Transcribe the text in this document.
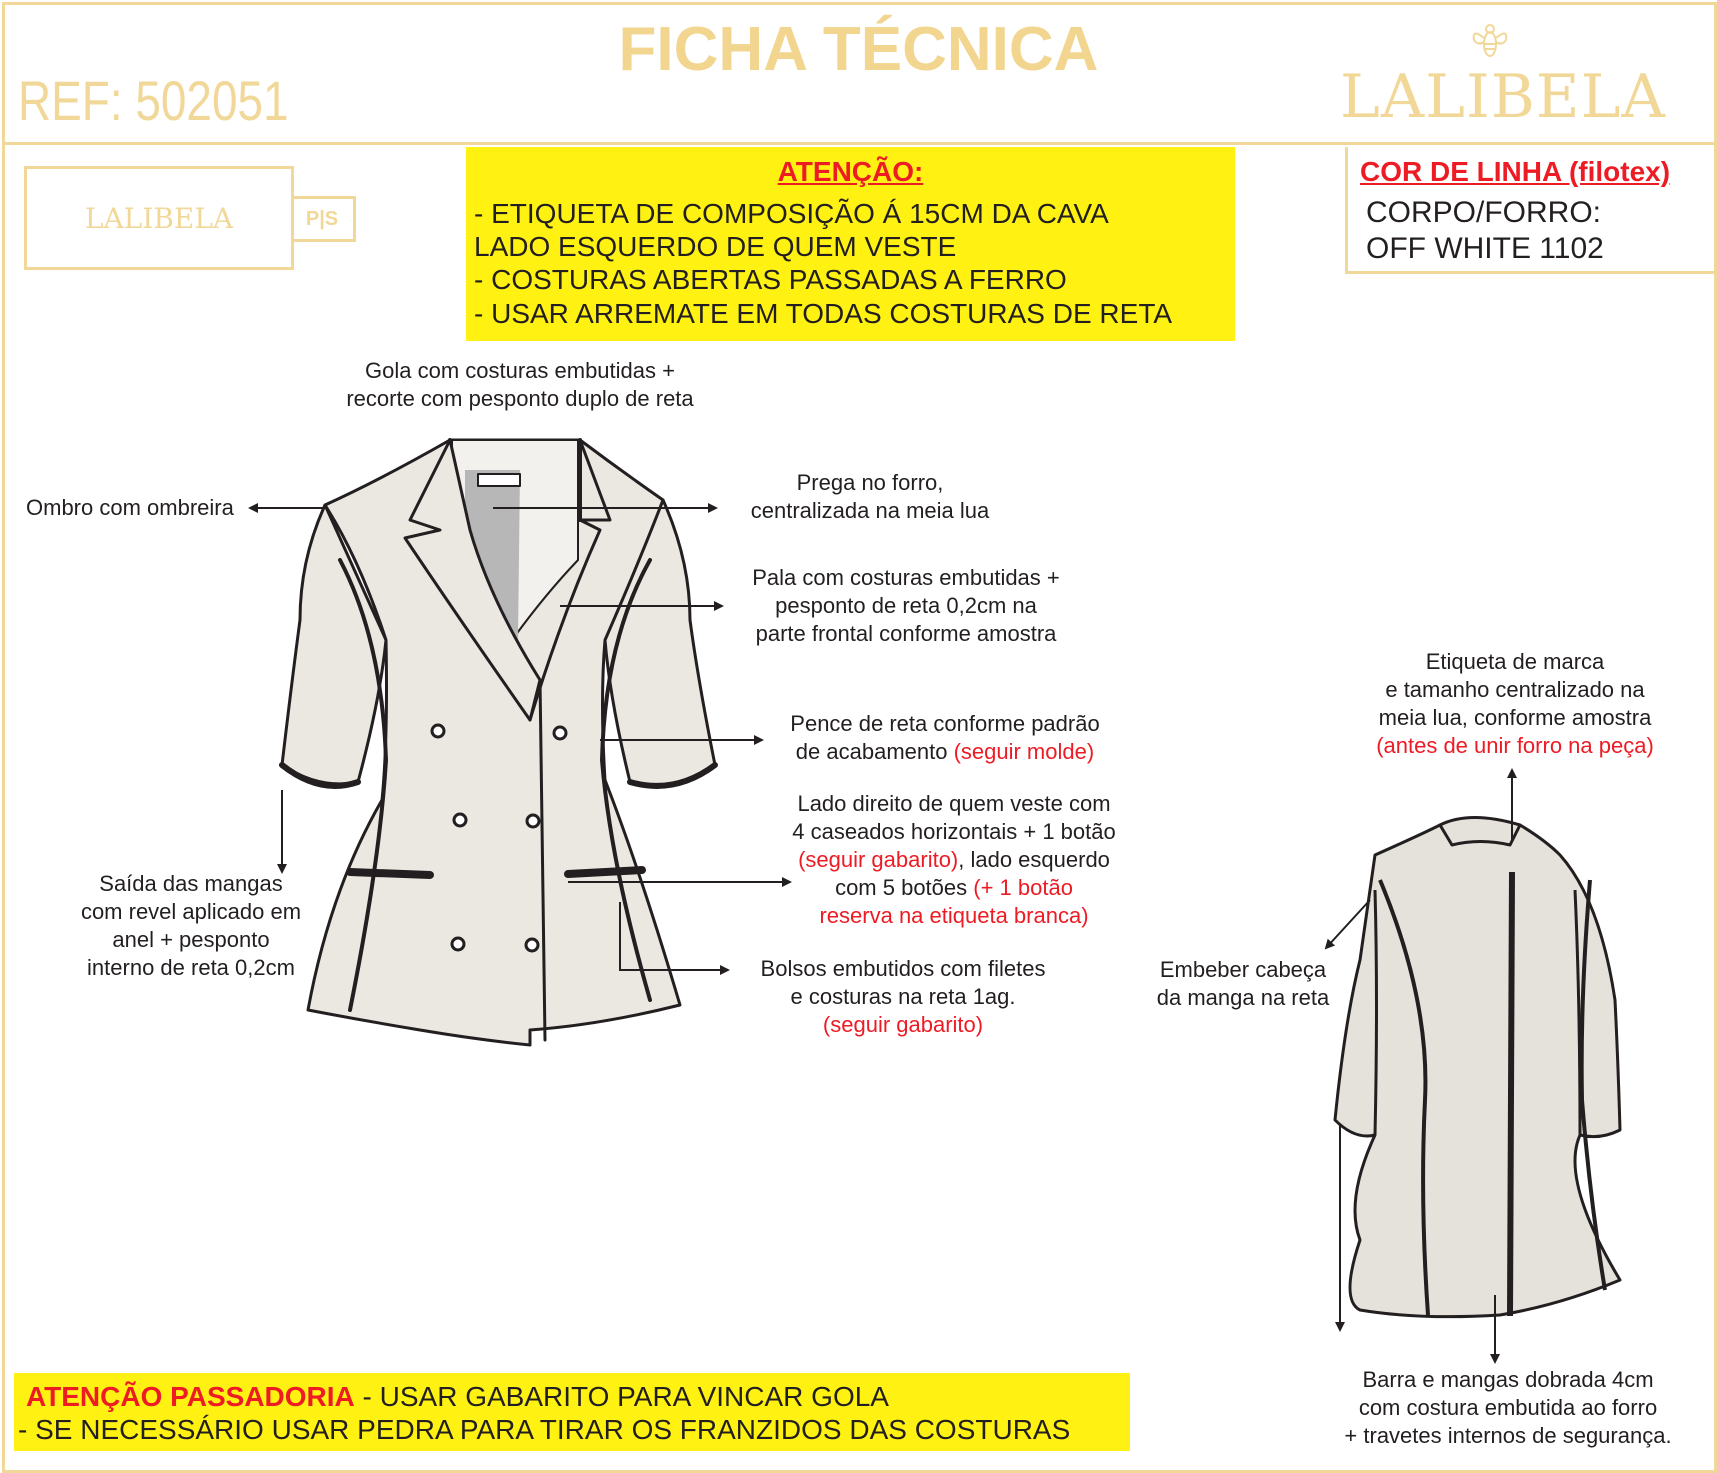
FICHA TÉCNICA
REF: 502051	LALIBELA
LALIBELA	P|S
ATENÇÃO:
- ETIQUETA DE COMPOSIÇÃO Á 15CM DA CAVA
LADO ESQUERDO DE QUEM VESTE
- COSTURAS ABERTAS PASSADAS A FERRO
- USAR ARREMATE EM TODAS COSTURAS DE RETA
COR DE LINHA (filotex)
CORPO/FORRO:
OFF WHITE 1102
Gola com costuras embutidas +
recorte com pesponto duplo de reta
Ombro com ombreira
Prega no forro,
centralizada na meia lua
Pala com costuras embutidas +
pesponto de reta 0,2cm na
parte frontal conforme amostra
Pence de reta conforme padrão
de acabamento (seguir molde)
Lado direito de quem veste com
4 caseados horizontais + 1 botão
(seguir gabarito), lado esquerdo
com 5 botões (+ 1 botão
reserva na etiqueta branca)
Saída das mangas
com revel aplicado em
anel + pesponto
interno de reta 0,2cm	Bolsos embutidos com filetes
e costuras na reta 1ag.
(seguir gabarito)
Etiqueta de marca
e tamanho centralizado na
meia lua, conforme amostra
(antes de unir forro na peça)
Embeber cabeça
da manga na reta
Barra e mangas dobrada 4cm
com costura embutida ao forro
+ travetes internos de segurança.
ATENÇÃO PASSADORIA - USAR GABARITO PARA VINCAR GOLA
- SE NECESSÁRIO USAR PEDRA PARA TIRAR OS FRANZIDOS DAS COSTURAS
